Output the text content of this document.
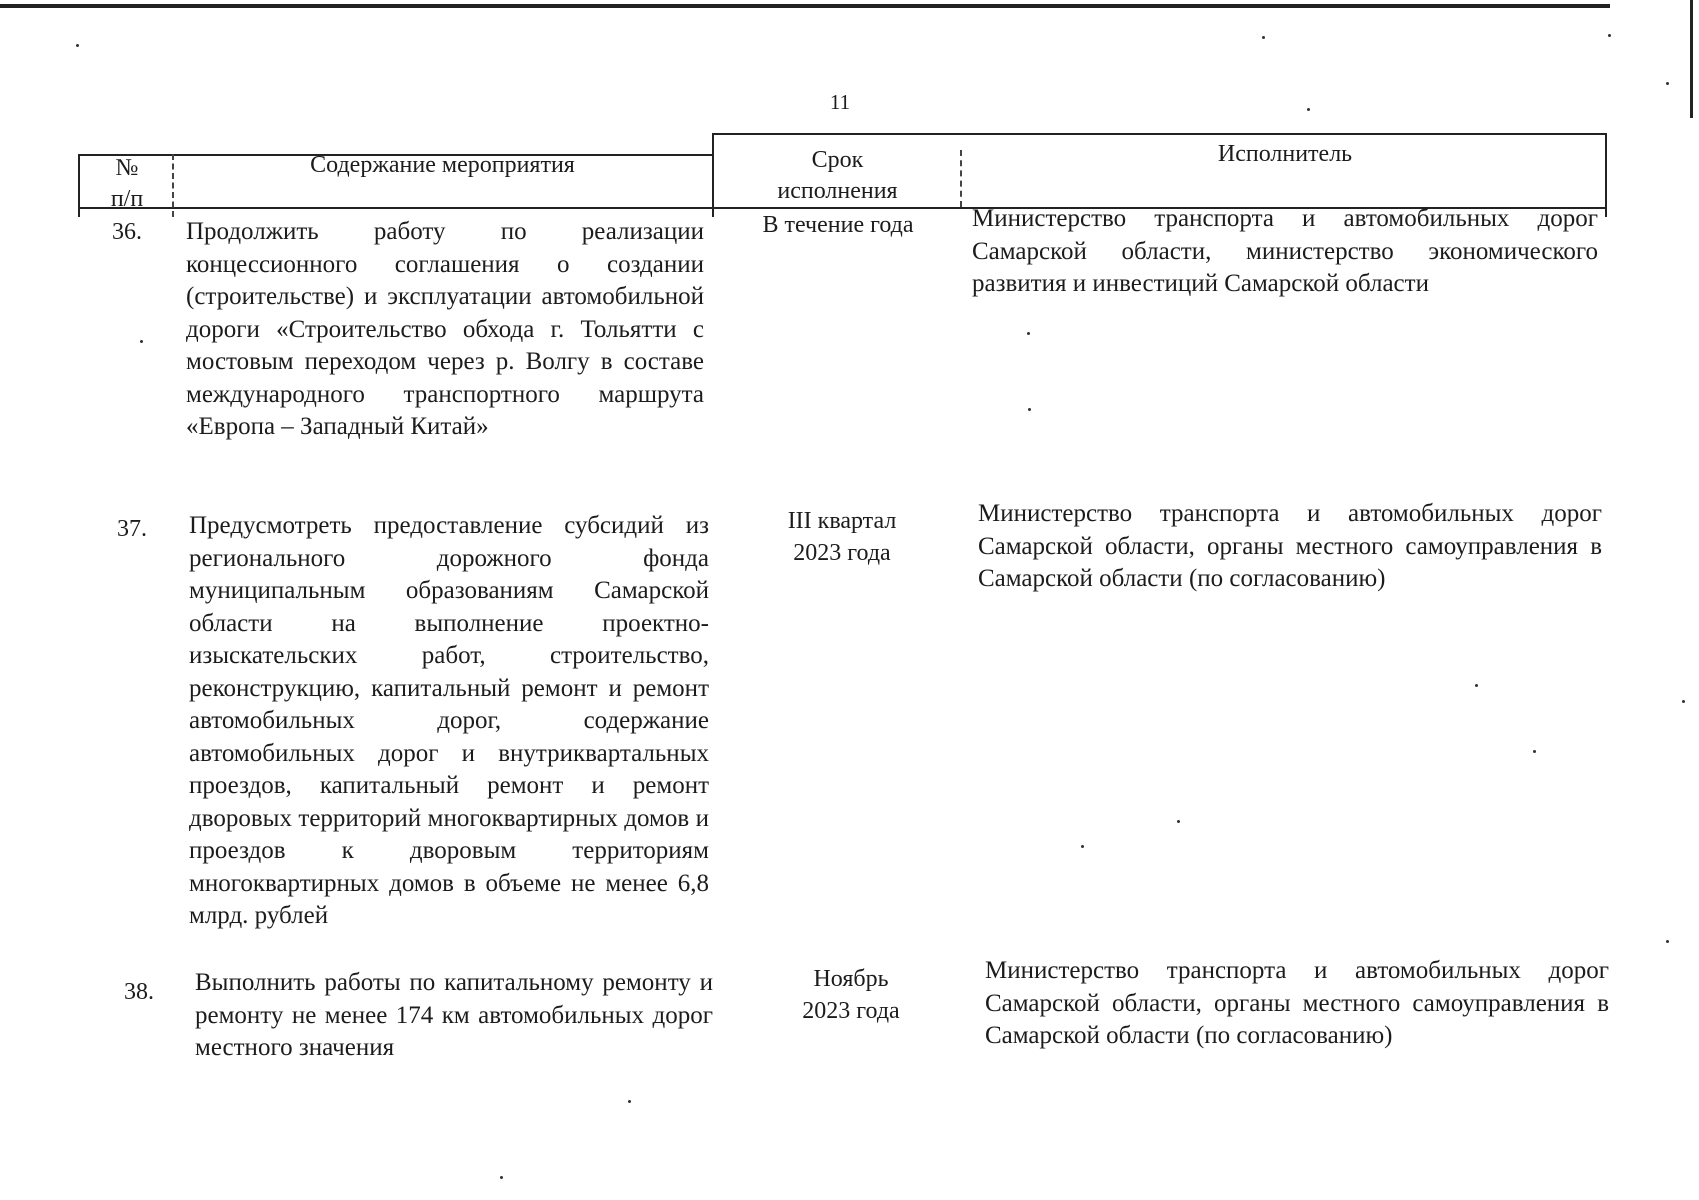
11
№
п/п
Содержание мероприятия	Срок
исполнения
Исполнитель
36. Продолжить работу по реализации концессионного соглашения о создании (строительстве) и эксплуатации автомобильной дороги «Строительство обхода г. Тольятти с мостовым переходом через р. Волгу в составе международного транспортного маршрута «Европа – Западный Китай»
В течение года	Министерство транспорта и автомобильных дорог Самарской области, министерство экономического развития и инвестиций Самарской области
37. Предусмотреть предоставление субсидий из регионального дорожного фонда муниципальным образованиям Самарской области на выполнение проектно-изыскательских работ, строительство, реконструкцию, капитальный ремонт и ремонт автомобильных дорог, содержание автомобильных дорог и внутриквартальных проездов, капитальный ремонт и ремонт дворовых территорий многоквартирных домов и проездов к дворовым территориям многоквартирных домов в объеме не менее 6,8 млрд. рублей
III квартал
2023 года
Министерство транспорта и автомобильных дорог Самарской области, органы местного самоуправления в Самарской области (по согласованию)
38. Выполнить работы по капитальному ремонту и ремонту не менее 174 км автомобильных дорог местного значения
Ноябрь
2023 года
Министерство транспорта и автомобильных дорог Самарской области, органы местного самоуправления в Самарской области (по согласованию)
